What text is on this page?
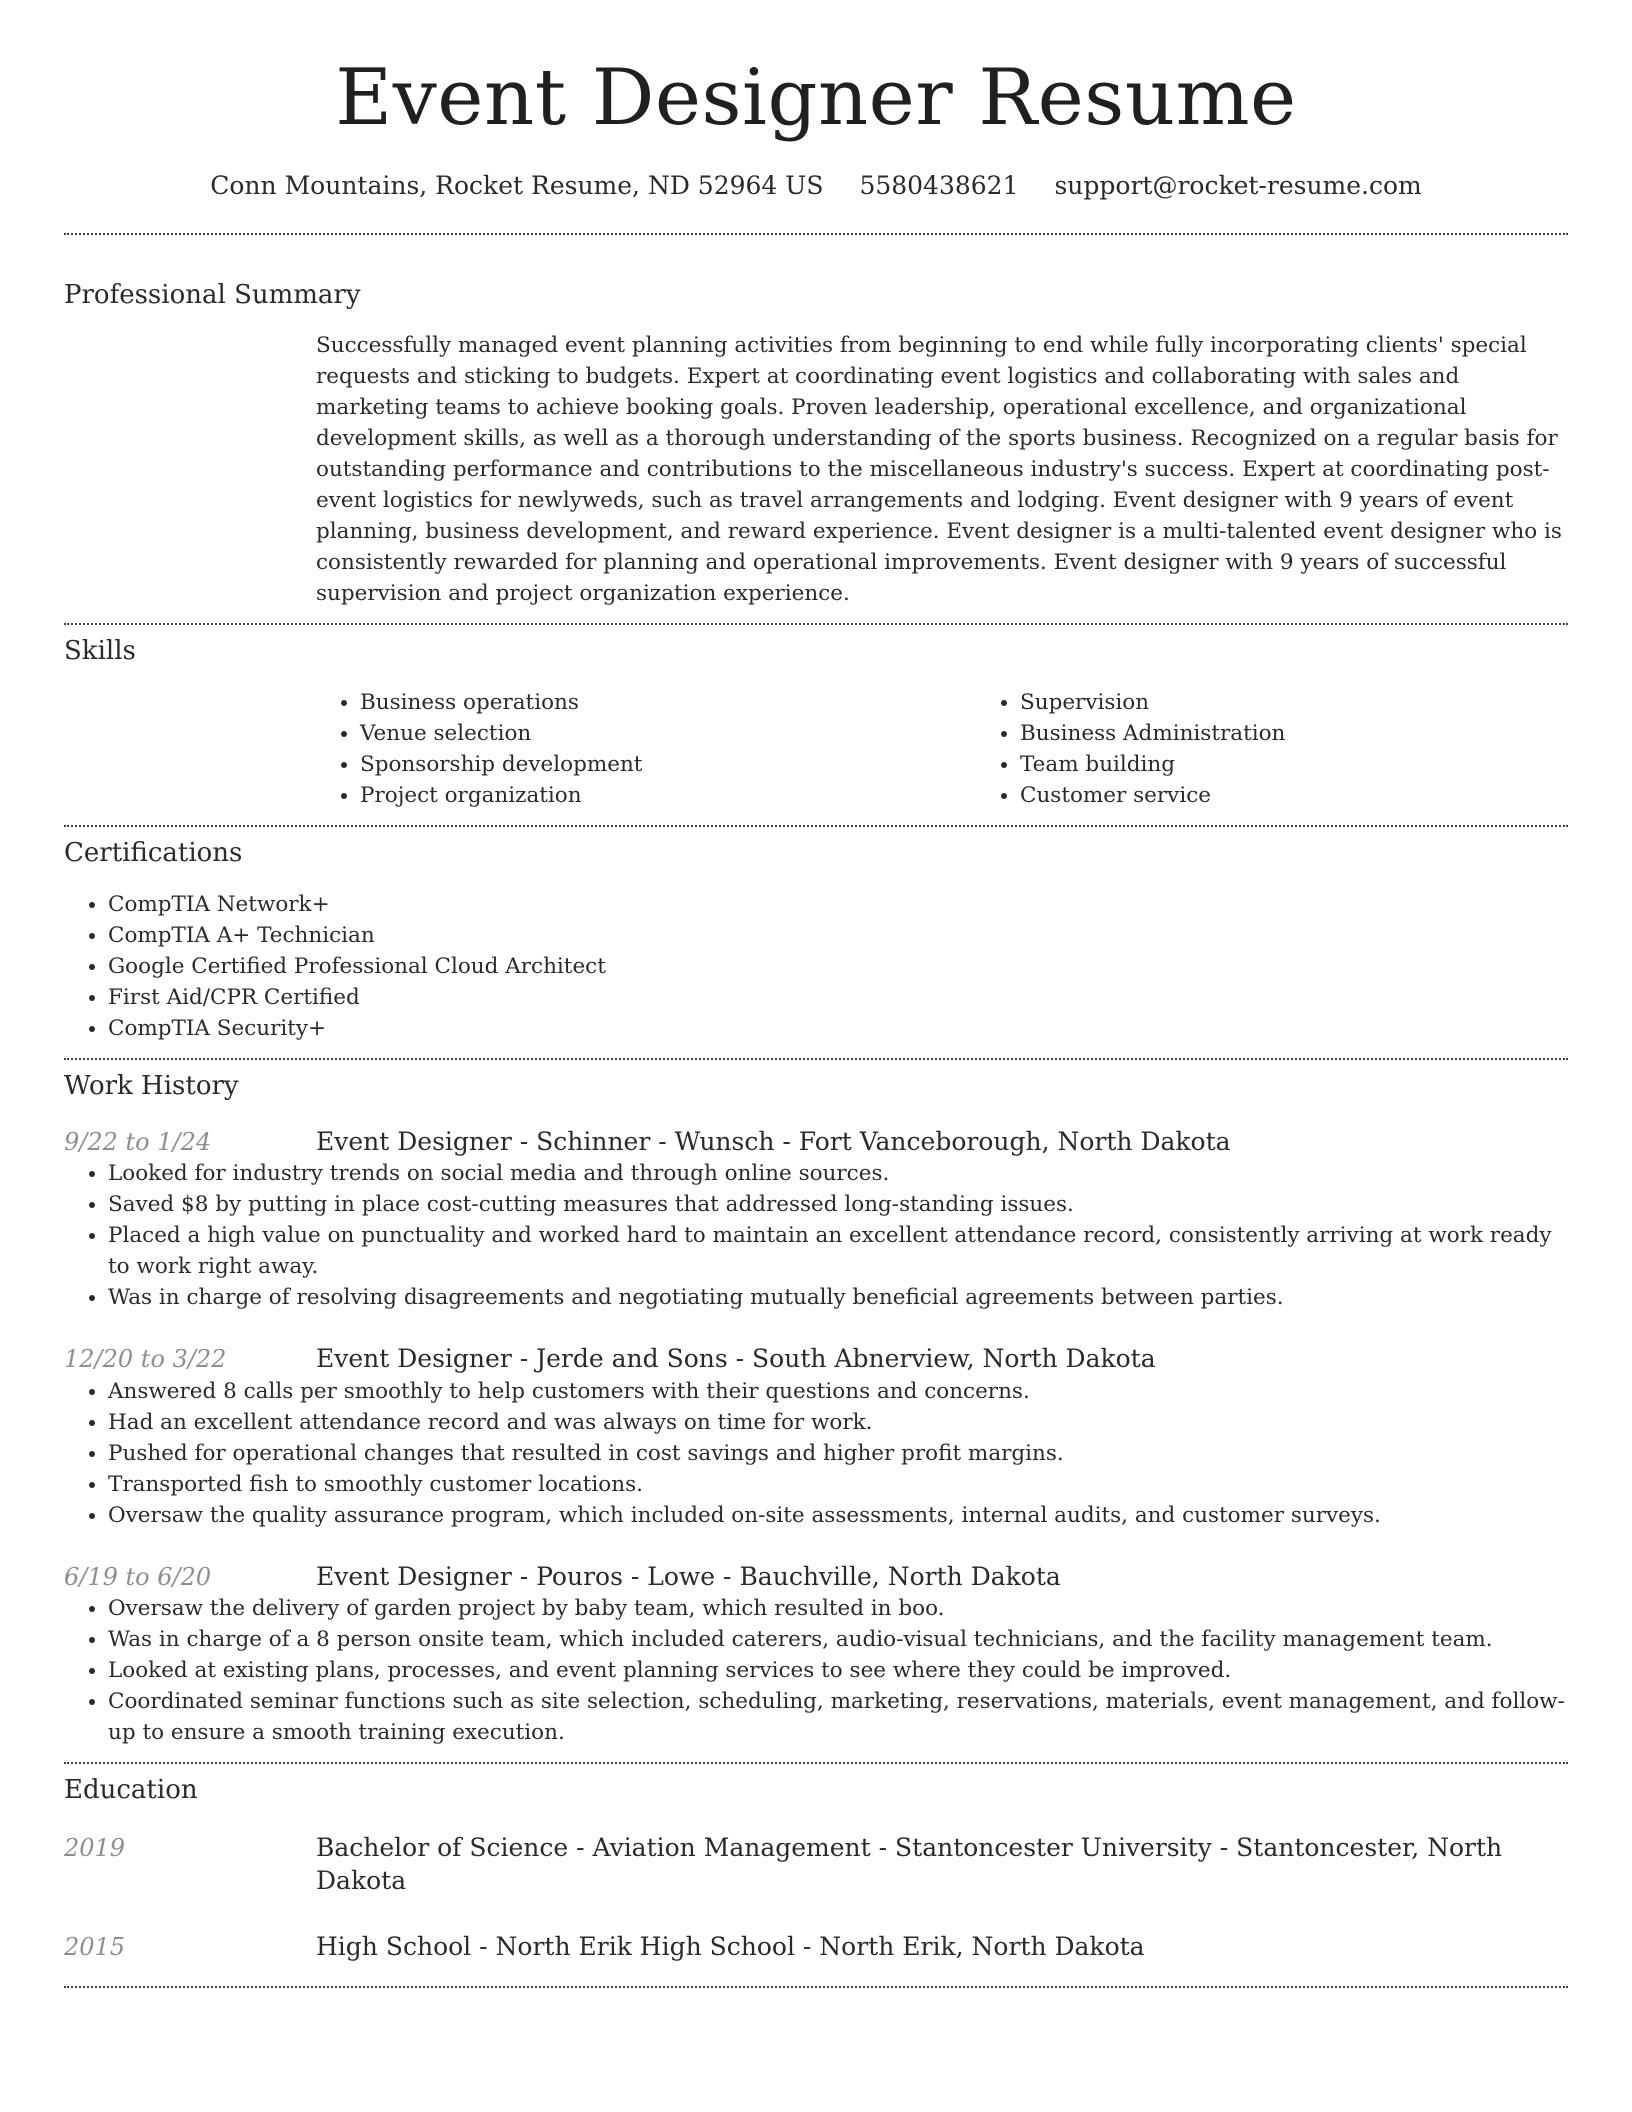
Event Designer Resume
Conn Mountains, Rocket Resume, ND 52964 US 5580438621 support@rocket-resume.com
Professional Summary

Successfully managed event planning activities from beginning to end while fully incorporating clients' special requests and sticking to budgets. Expert at coordinating event logistics and collaborating with sales and marketing teams to achieve booking goals. Proven leadership, operational excellence, and organizational development skills, as well as a thorough understanding of the sports business. Recognized on a regular basis for outstanding performance and contributions to the miscellaneous industry's success. Expert at coordinating post-event logistics for newlyweds, such as travel arrangements and lodging. Event designer with 9 years of event planning, business development, and reward experience. Event designer is a multi-talented event designer who is consistently rewarded for planning and operational improvements. Event designer with 9 years of successful supervision and project organization experience.

Skills
• Business operations
• Venue selection
• Sponsorship development
• Project organization
• Supervision
• Business Administration
• Team building
• Customer service
Certifications
• CompTIA Network+
• CompTIA A+ Technician
• Google Certified Professional Cloud Architect
• First Aid/CPR Certified
• CompTIA Security+
Work History
9/22 to 1/24	Event Designer - Schinner - Wunsch - Fort Vanceborough, North Dakota
• Looked for industry trends on social media and through online sources.
• Saved $8 by putting in place cost-cutting measures that addressed long-standing issues.
• Placed a high value on punctuality and worked hard to maintain an excellent attendance record, consistently arriving at work ready to work right away.
• Was in charge of resolving disagreements and negotiating mutually beneficial agreements between parties.
12/20 to 3/22	Event Designer - Jerde and Sons - South Abnerview, North Dakota
• Answered 8 calls per smoothly to help customers with their questions and concerns.
• Had an excellent attendance record and was always on time for work.
• Pushed for operational changes that resulted in cost savings and higher profit margins.
• Transported fish to smoothly customer locations.
• Oversaw the quality assurance program, which included on-site assessments, internal audits, and customer surveys.
6/19 to 6/20	Event Designer - Pouros - Lowe - Bauchville, North Dakota
• Oversaw the delivery of garden project by baby team, which resulted in boo.
• Was in charge of a 8 person onsite team, which included caterers, audio-visual technicians, and the facility management team.
• Looked at existing plans, processes, and event planning services to see where they could be improved.
• Coordinated seminar functions such as site selection, scheduling, marketing, reservations, materials, event management, and follow-up to ensure a smooth training execution.
Education
2019	Bachelor of Science - Aviation Management - Stantoncester University - Stantoncester, North Dakota
2015	High School - North Erik High School - North Erik, North Dakota
